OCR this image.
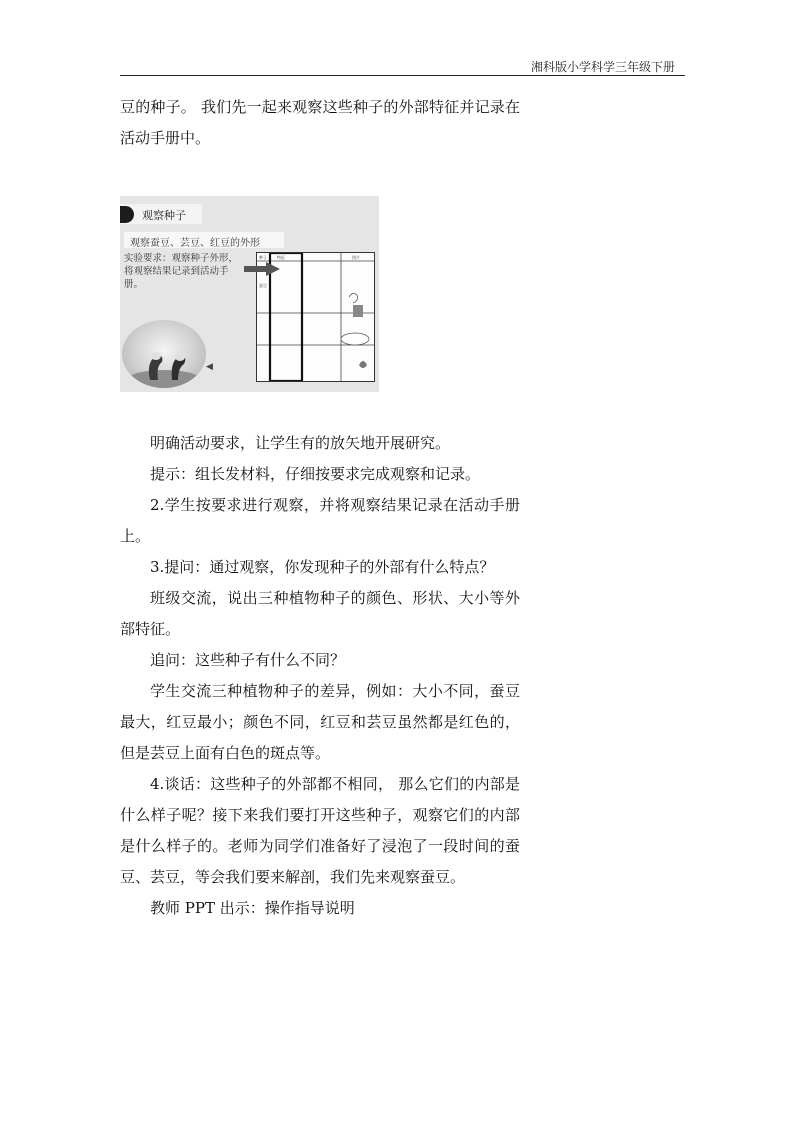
湘科版小学科学三年级下册

豆的种子。 我们先一起来观察这些种子的外部特征并记录在活动手册中。

观察种子
观察蚕豆、芸豆、红豆的外形
实验要求：观察种子外形，将观察结果记录到活动手册。
种子	特征	图片
蚕豆
◀

明确活动要求，让学生有的放矢地开展研究。

提示：组长发材料，仔细按要求完成观察和记录。

2.学生按要求进行观察，并将观察结果记录在活动手册上。

3.提问：通过观察，你发现种子的外部有什么特点？

班级交流，说出三种植物种子的颜色、形状、大小等外部特征。

追问：这些种子有什么不同？

学生交流三种植物种子的差异，例如：大小不同，蚕豆最大，红豆最小；颜色不同，红豆和芸豆虽然都是红色的，但是芸豆上面有白色的斑点等。

4.谈话：这些种子的外部都不相同， 那么它们的内部是什么样子呢？接下来我们要打开这些种子，观察它们的内部是什么样子的。老师为同学们准备好了浸泡了一段时间的蚕豆、芸豆，等会我们要来解剖，我们先来观察蚕豆。

教师 PPT 出示：操作指导说明
